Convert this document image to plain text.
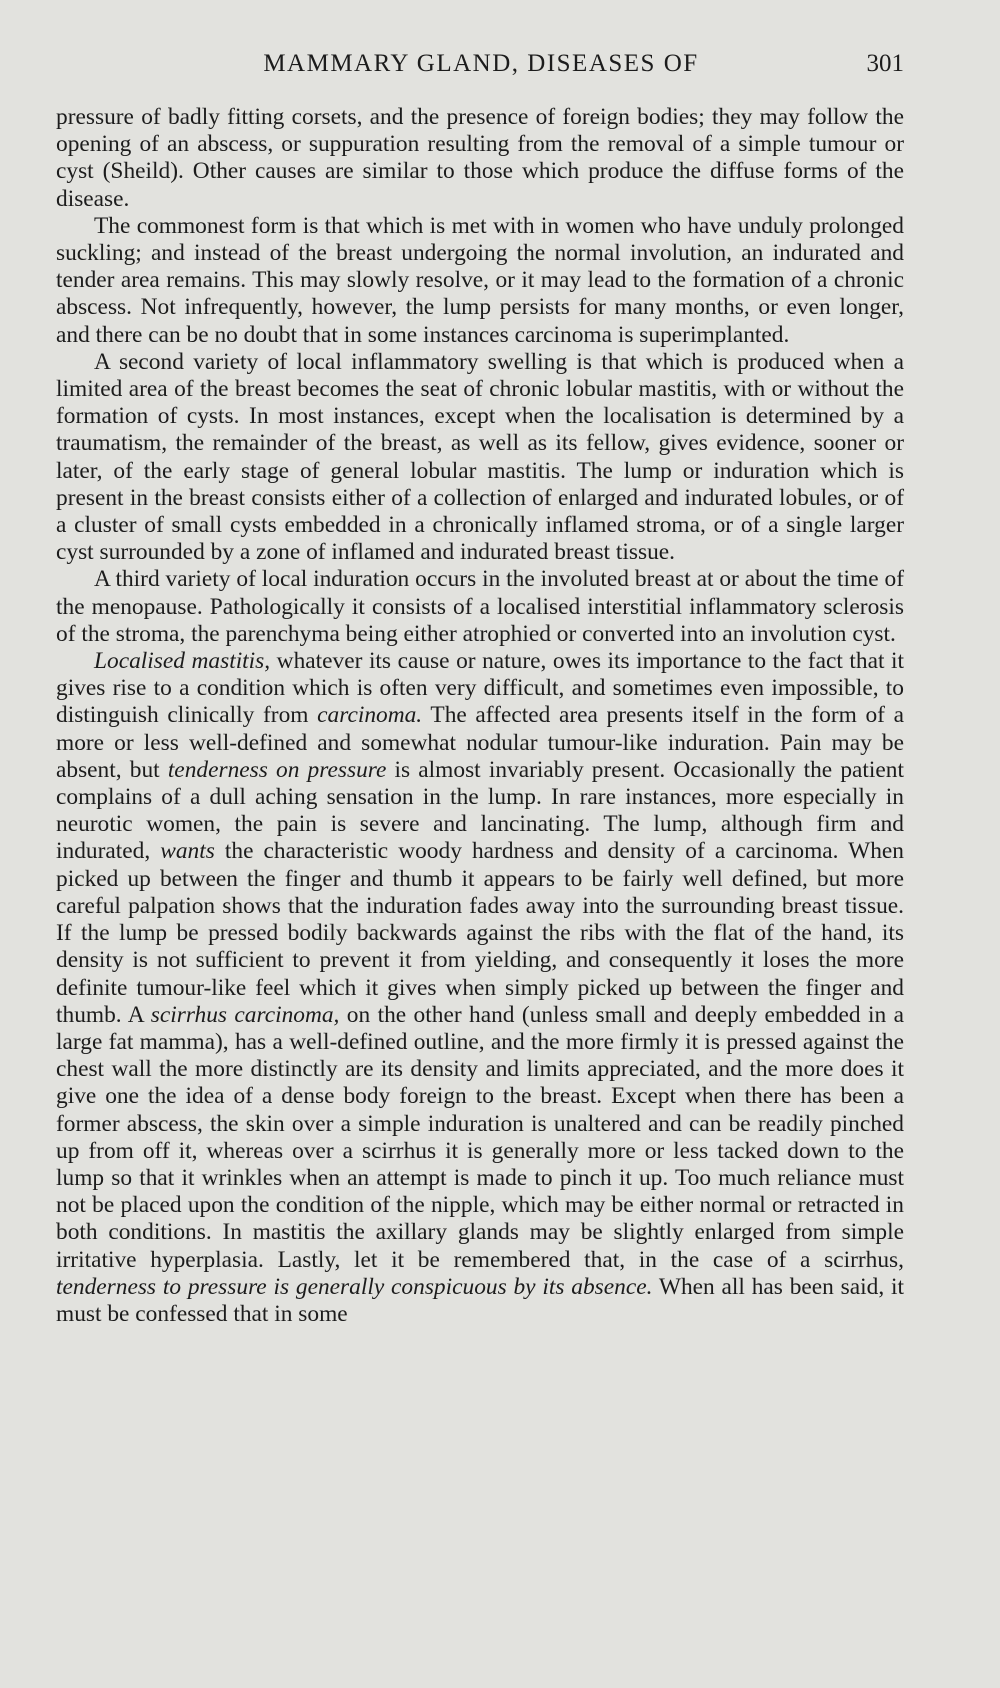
MAMMARY GLAND, DISEASES OF	301

pressure of badly fitting corsets, and the presence of foreign bodies; they may follow the opening of an abscess, or suppuration resulting from the removal of a simple tumour or cyst (Sheild). Other causes are similar to those which produce the diffuse forms of the disease.

The commonest form is that which is met with in women who have unduly prolonged suckling; and instead of the breast undergoing the normal involution, an indurated and tender area remains. This may slowly resolve, or it may lead to the formation of a chronic abscess. Not infrequently, however, the lump persists for many months, or even longer, and there can be no doubt that in some instances carcinoma is superimplanted.

A second variety of local inflammatory swelling is that which is produced when a limited area of the breast becomes the seat of chronic lobular mastitis, with or without the formation of cysts. In most instances, except when the localisation is determined by a traumatism, the remainder of the breast, as well as its fellow, gives evidence, sooner or later, of the early stage of general lobular mastitis. The lump or induration which is present in the breast consists either of a collection of enlarged and indurated lobules, or of a cluster of small cysts embedded in a chronically inflamed stroma, or of a single larger cyst surrounded by a zone of inflamed and indurated breast tissue.

A third variety of local induration occurs in the involuted breast at or about the time of the menopause. Pathologically it consists of a localised interstitial inflammatory sclerosis of the stroma, the parenchyma being either atrophied or converted into an involution cyst.

Localised mastitis, whatever its cause or nature, owes its importance to the fact that it gives rise to a condition which is often very difficult, and sometimes even impossible, to distinguish clinically from carcinoma. The affected area presents itself in the form of a more or less well-defined and somewhat nodular tumour-like induration. Pain may be absent, but tenderness on pressure is almost invariably present. Occasionally the patient complains of a dull aching sensation in the lump. In rare instances, more especially in neurotic women, the pain is severe and lancinating. The lump, although firm and indurated, wants the characteristic woody hardness and density of a carcinoma. When picked up between the finger and thumb it appears to be fairly well defined, but more careful palpation shows that the induration fades away into the surrounding breast tissue. If the lump be pressed bodily backwards against the ribs with the flat of the hand, its density is not sufficient to prevent it from yielding, and consequently it loses the more definite tumour-like feel which it gives when simply picked up between the finger and thumb. A scirrhus carcinoma, on the other hand (unless small and deeply embedded in a large fat mamma), has a well-defined outline, and the more firmly it is pressed against the chest wall the more distinctly are its density and limits appreciated, and the more does it give one the idea of a dense body foreign to the breast. Except when there has been a former abscess, the skin over a simple induration is unaltered and can be readily pinched up from off it, whereas over a scirrhus it is generally more or less tacked down to the lump so that it wrinkles when an attempt is made to pinch it up. Too much reliance must not be placed upon the condition of the nipple, which may be either normal or retracted in both conditions. In mastitis the axillary glands may be slightly enlarged from simple irritative hyperplasia. Lastly, let it be remembered that, in the case of a scirrhus, tenderness to pressure is generally conspicuous by its absence. When all has been said, it must be confessed that in some
